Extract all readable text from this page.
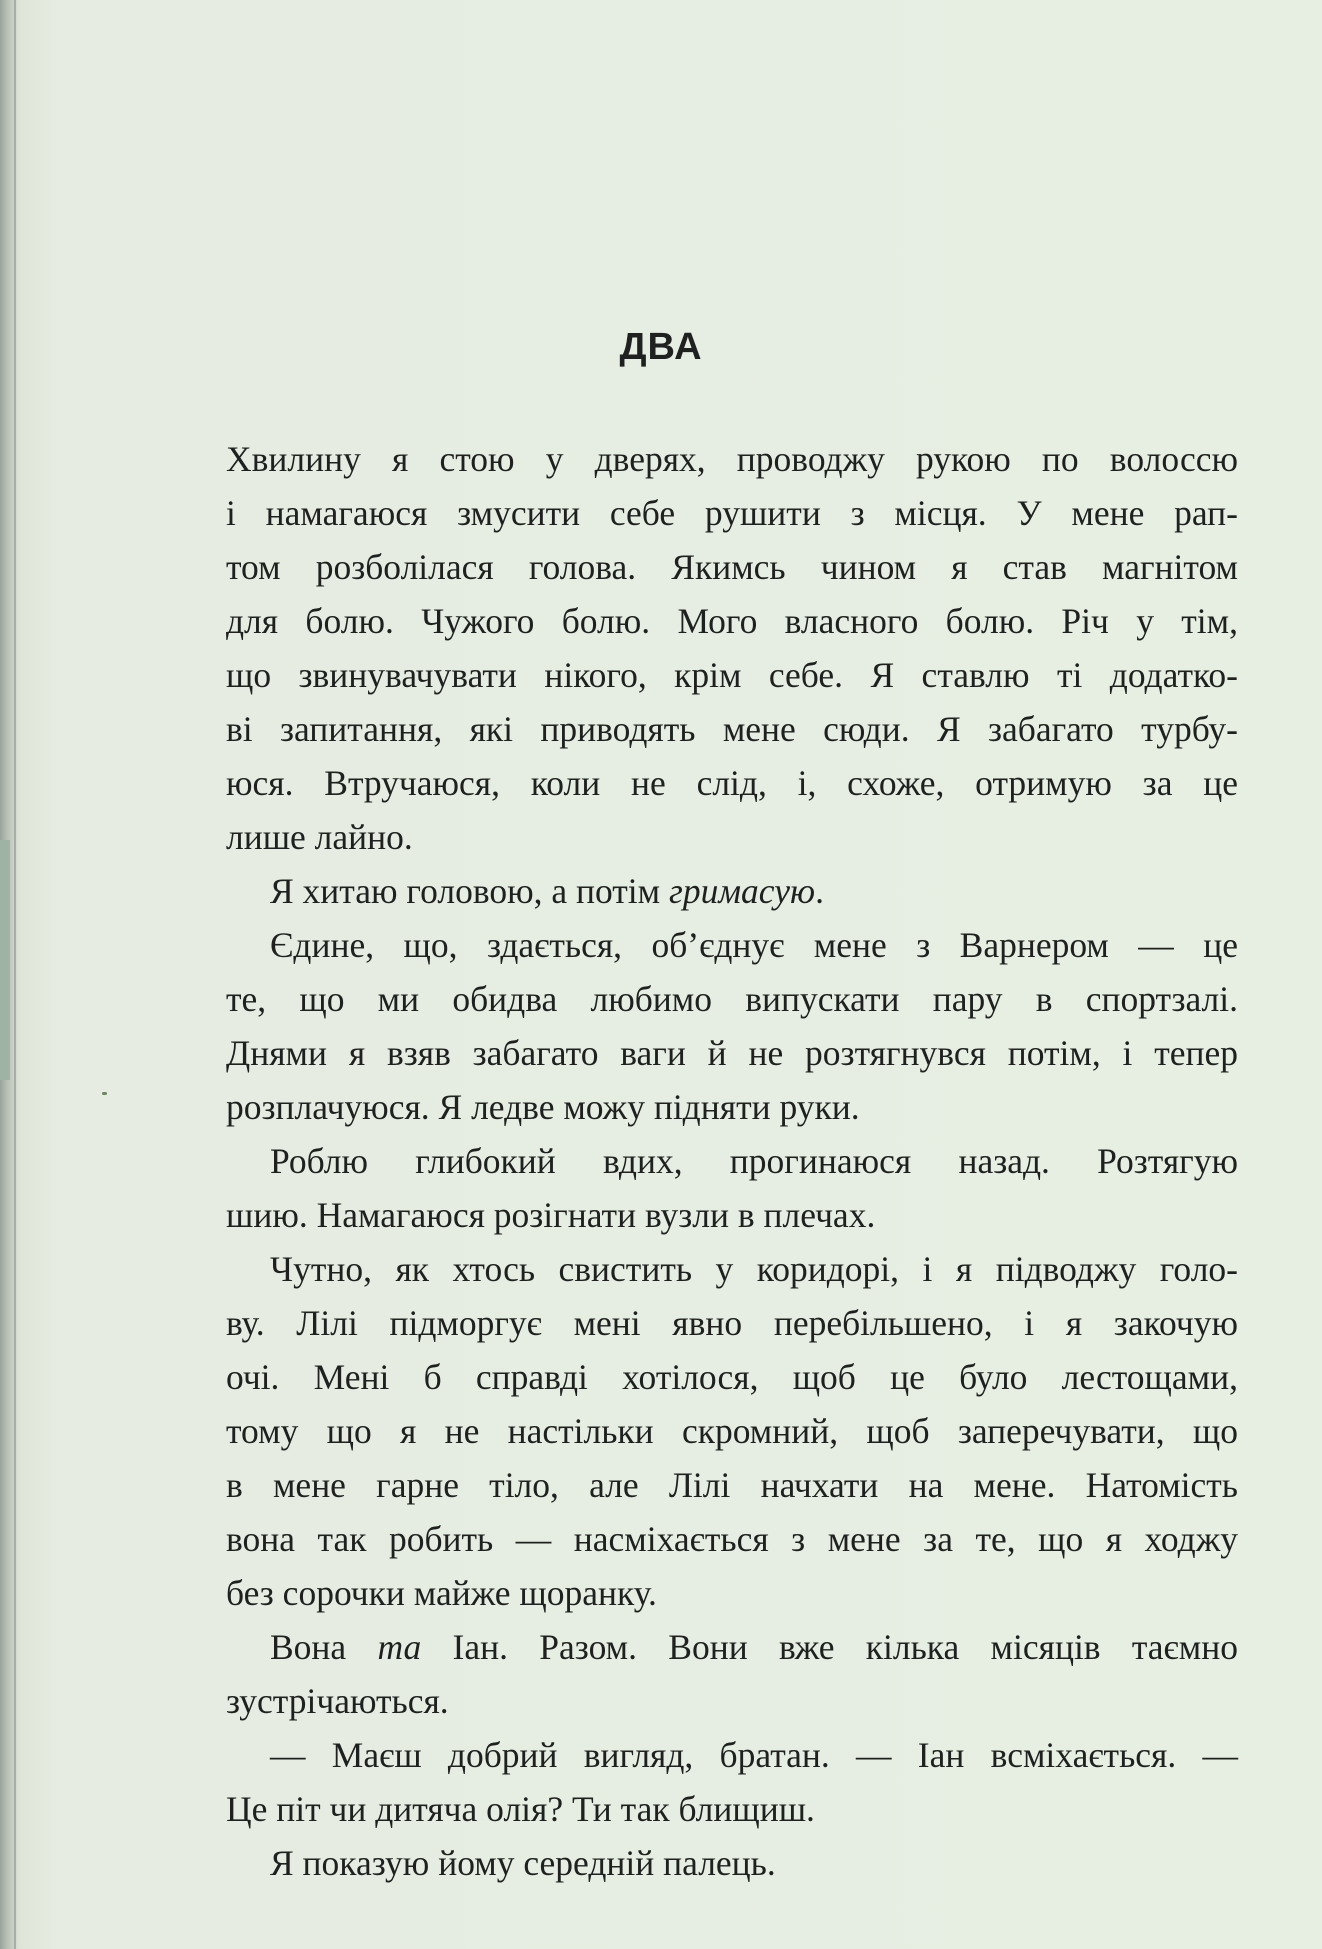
ДВА
Хвилину я стою у дверях, проводжу рукою по волоссю
і намагаюся змусити себе рушити з місця. У мене рап-
том розболілася голова. Якимсь чином я став магнітом
для болю. Чужого болю. Мого власного болю. Річ у тім,
що звинувачувати нікого, крім себе. Я ставлю ті додатко-
ві запитання, які приводять мене сюди. Я забагато турбу-
юся. Втручаюся, коли не слід, і, схоже, отримую за це
лише лайно.
Я хитаю головою, а потім гримасую.
Єдине, що, здається, об’єднує мене з Варнером — це
те, що ми обидва любимо випускати пару в спортзалі.
Днями я взяв забагато ваги й не розтягнувся потім, і тепер
розплачуюся. Я ледве можу підняти руки.
Роблю глибокий вдих, прогинаюся назад. Розтягую
шию. Намагаюся розігнати вузли в плечах.
Чутно, як хтось свистить у коридорі, і я підводжу голо-
ву. Лілі підморгує мені явно перебільшено, і я закочую
очі. Мені б справді хотілося, щоб це було лестощами,
тому що я не настільки скромний, щоб заперечувати, що
в мене гарне тіло, але Лілі начхати на мене. Натомість
вона так робить — насміхається з мене за те, що я ходжу
без сорочки майже щоранку.
Вона та Іан. Разом. Вони вже кілька місяців таємно
зустрічаються.
— Маєш добрий вигляд, братан. — Іан всміхається. —
Це піт чи дитяча олія? Ти так блищиш.
Я показую йому середній палець.
